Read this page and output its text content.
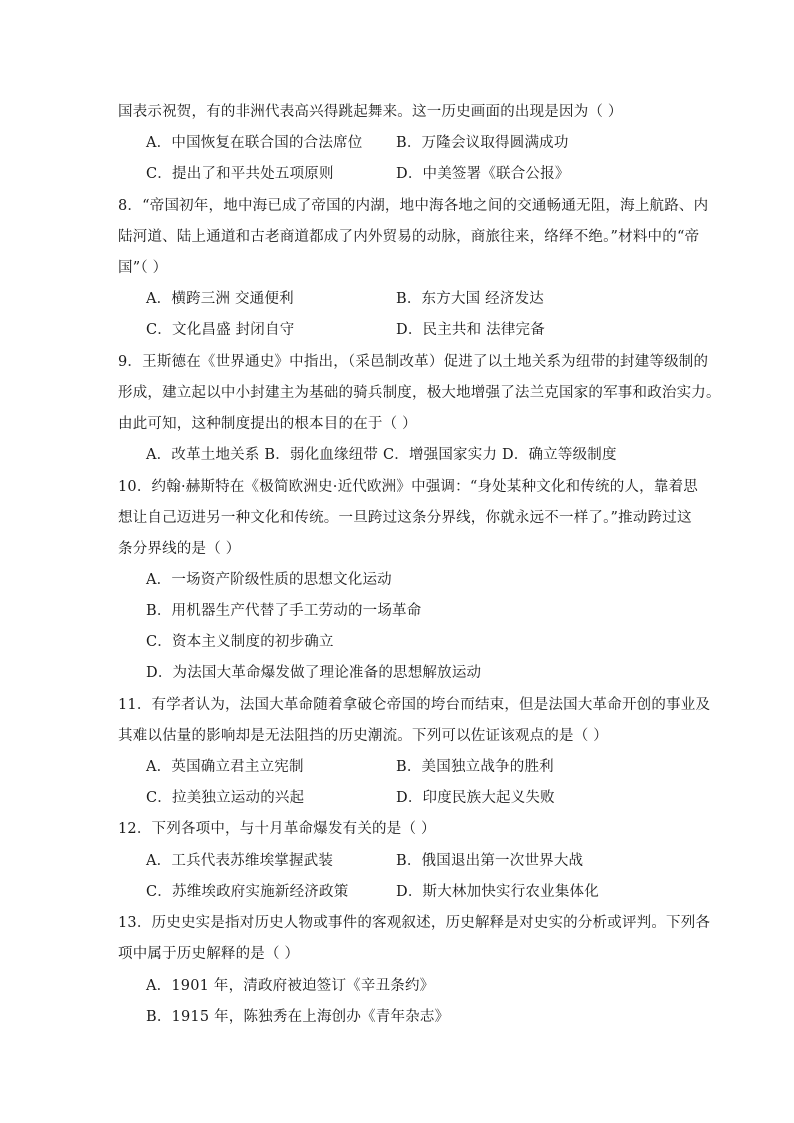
国表示祝贺，有的非洲代表高兴得跳起舞来。这一历史画面的出现是因为（ ）
A．中国恢复在联合国的合法席位 B．万隆会议取得圆满成功
C．提出了和平共处五项原则	D．中美签署《联合公报》
8．“帝国初年，地中海已成了帝国的内湖，地中海各地之间的交通畅通无阻，海上航路、内
陆河道、陆上通道和古老商道都成了内外贸易的动脉，商旅往来，络绎不绝。”材料中的“帝
国”（ ）
A．横跨三洲 交通便利	B．东方大国 经济发达
C．文化昌盛 封闭自守	D．民主共和 法律完备
9．王斯德在《世界通史》中指出，（采邑制改革）促进了以土地关系为纽带的封建等级制的
形成，建立起以中小封建主为基础的骑兵制度，极大地增强了法兰克国家的军事和政治实力。
由此可知，这种制度提出的根本目的在于（ ）
A．改革土地关系 B．弱化血缘纽带 C．增强国家实力 D．确立等级制度
10．约翰·赫斯特在《极简欧洲史·近代欧洲》中强调：“身处某种文化和传统的人，靠着思
想让自己迈进另一种文化和传统。一旦跨过这条分界线，你就永远不一样了。”推动跨过这
条分界线的是（ ）
A．一场资产阶级性质的思想文化运动
B．用机器生产代替了手工劳动的一场革命
C．资本主义制度的初步确立
D．为法国大革命爆发做了理论准备的思想解放运动
11．有学者认为，法国大革命随着拿破仑帝国的垮台而结束，但是法国大革命开创的事业及
其难以估量的影响却是无法阻挡的历史潮流。下列可以佐证该观点的是（ ）
A．英国确立君主立宪制	B．美国独立战争的胜利
C．拉美独立运动的兴起	D．印度民族大起义失败
12．下列各项中，与十月革命爆发有关的是（ ）
A．工兵代表苏维埃掌握武装	B．俄国退出第一次世界大战
C．苏维埃政府实施新经济政策	D．斯大林加快实行农业集体化
13．历史史实是指对历史人物或事件的客观叙述，历史解释是对史实的分析或评判。下列各
项中属于历史解释的是（ ）
A．1901 年，清政府被迫签订《辛丑条约》
B．1915 年，陈独秀在上海创办《青年杂志》
